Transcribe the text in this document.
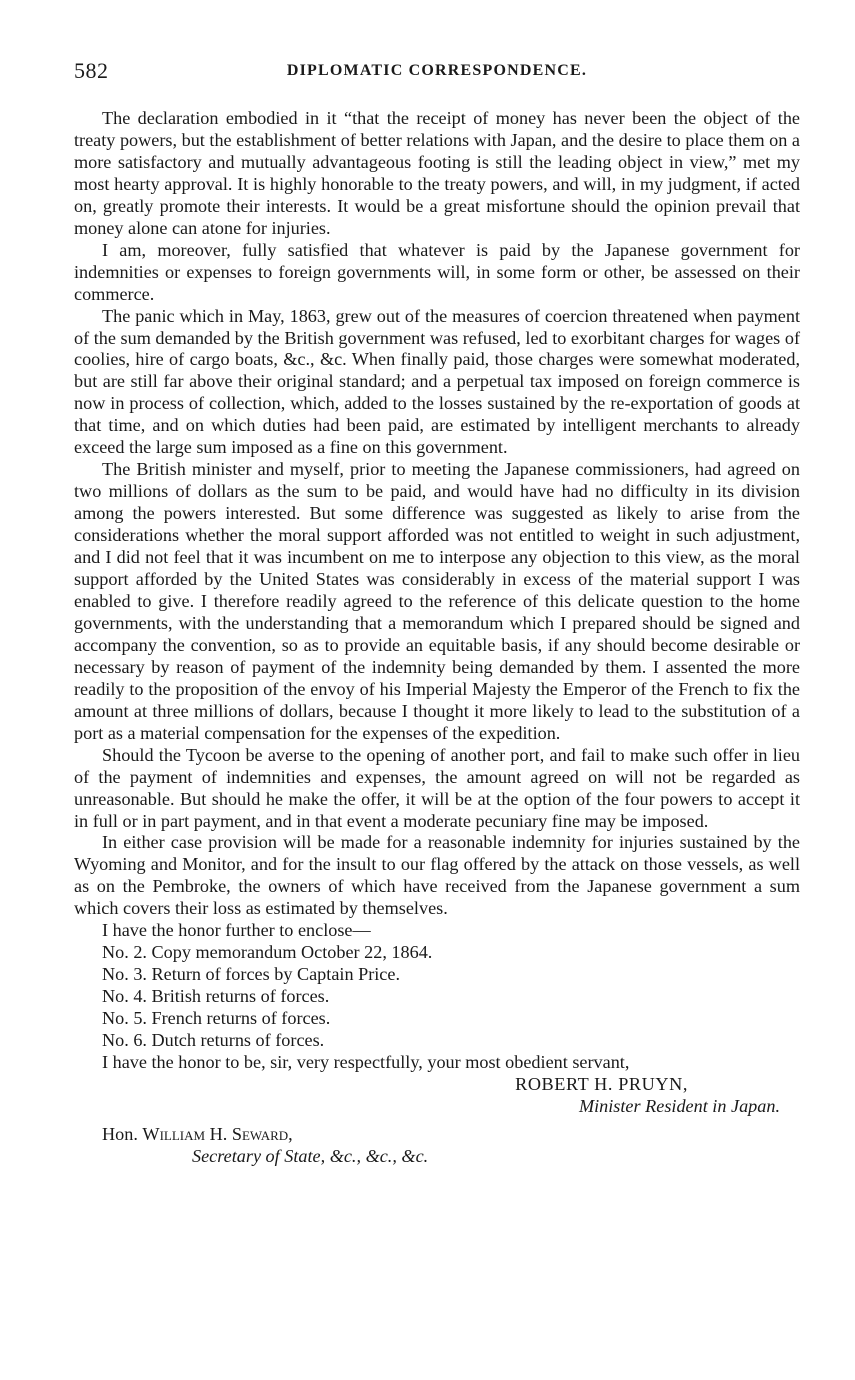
582	DIPLOMATIC CORRESPONDENCE.

The declaration embodied in it “that the receipt of money has never been the object of the treaty powers, but the establishment of better relations with Japan, and the desire to place them on a more satisfactory and mutually advantageous footing is still the leading object in view,” met my most hearty approval. It is highly honorable to the treaty powers, and will, in my judgment, if acted on, greatly promote their interests. It would be a great misfortune should the opinion prevail that money alone can atone for injuries.

I am, moreover, fully satisfied that whatever is paid by the Japanese government for indemnities or expenses to foreign governments will, in some form or other, be assessed on their commerce.

The panic which in May, 1863, grew out of the measures of coercion threatened when payment of the sum demanded by the British government was refused, led to exorbitant charges for wages of coolies, hire of cargo boats, &c., &c. When finally paid, those charges were somewhat moderated, but are still far above their original standard; and a perpetual tax imposed on foreign commerce is now in process of collection, which, added to the losses sustained by the re-exportation of goods at that time, and on which duties had been paid, are estimated by intelligent merchants to already exceed the large sum imposed as a fine on this government.

The British minister and myself, prior to meeting the Japanese commissioners, had agreed on two millions of dollars as the sum to be paid, and would have had no difficulty in its division among the powers interested. But some difference was suggested as likely to arise from the considerations whether the moral support afforded was not entitled to weight in such adjustment, and I did not feel that it was incumbent on me to interpose any objection to this view, as the moral support afforded by the United States was considerably in excess of the material support I was enabled to give. I therefore readily agreed to the reference of this delicate question to the home governments, with the understanding that a memorandum which I prepared should be signed and accompany the convention, so as to provide an equitable basis, if any should become desirable or necessary by reason of payment of the indemnity being demanded by them. I assented the more readily to the proposition of the envoy of his Imperial Majesty the Emperor of the French to fix the amount at three millions of dollars, because I thought it more likely to lead to the substitution of a port as a material compensation for the expenses of the expedition.

Should the Tycoon be averse to the opening of another port, and fail to make such offer in lieu of the payment of indemnities and expenses, the amount agreed on will not be regarded as unreasonable. But should he make the offer, it will be at the option of the four powers to accept it in full or in part payment, and in that event a moderate pecuniary fine may be imposed.

In either case provision will be made for a reasonable indemnity for injuries sustained by the Wyoming and Monitor, and for the insult to our flag offered by the attack on those vessels, as well as on the Pembroke, the owners of which have received from the Japanese government a sum which covers their loss as estimated by themselves.

I have the honor further to enclose—

No. 2. Copy memorandum October 22, 1864.
No. 3. Return of forces by Captain Price.
No. 4. British returns of forces.
No. 5. French returns of forces.
No. 6. Dutch returns of forces.

I have the honor to be, sir, very respectfully, your most obedient servant,

ROBERT H. PRUYN,
Minister Resident in Japan.
Hon. William H. Seward,
Secretary of State, &c., &c., &c.
